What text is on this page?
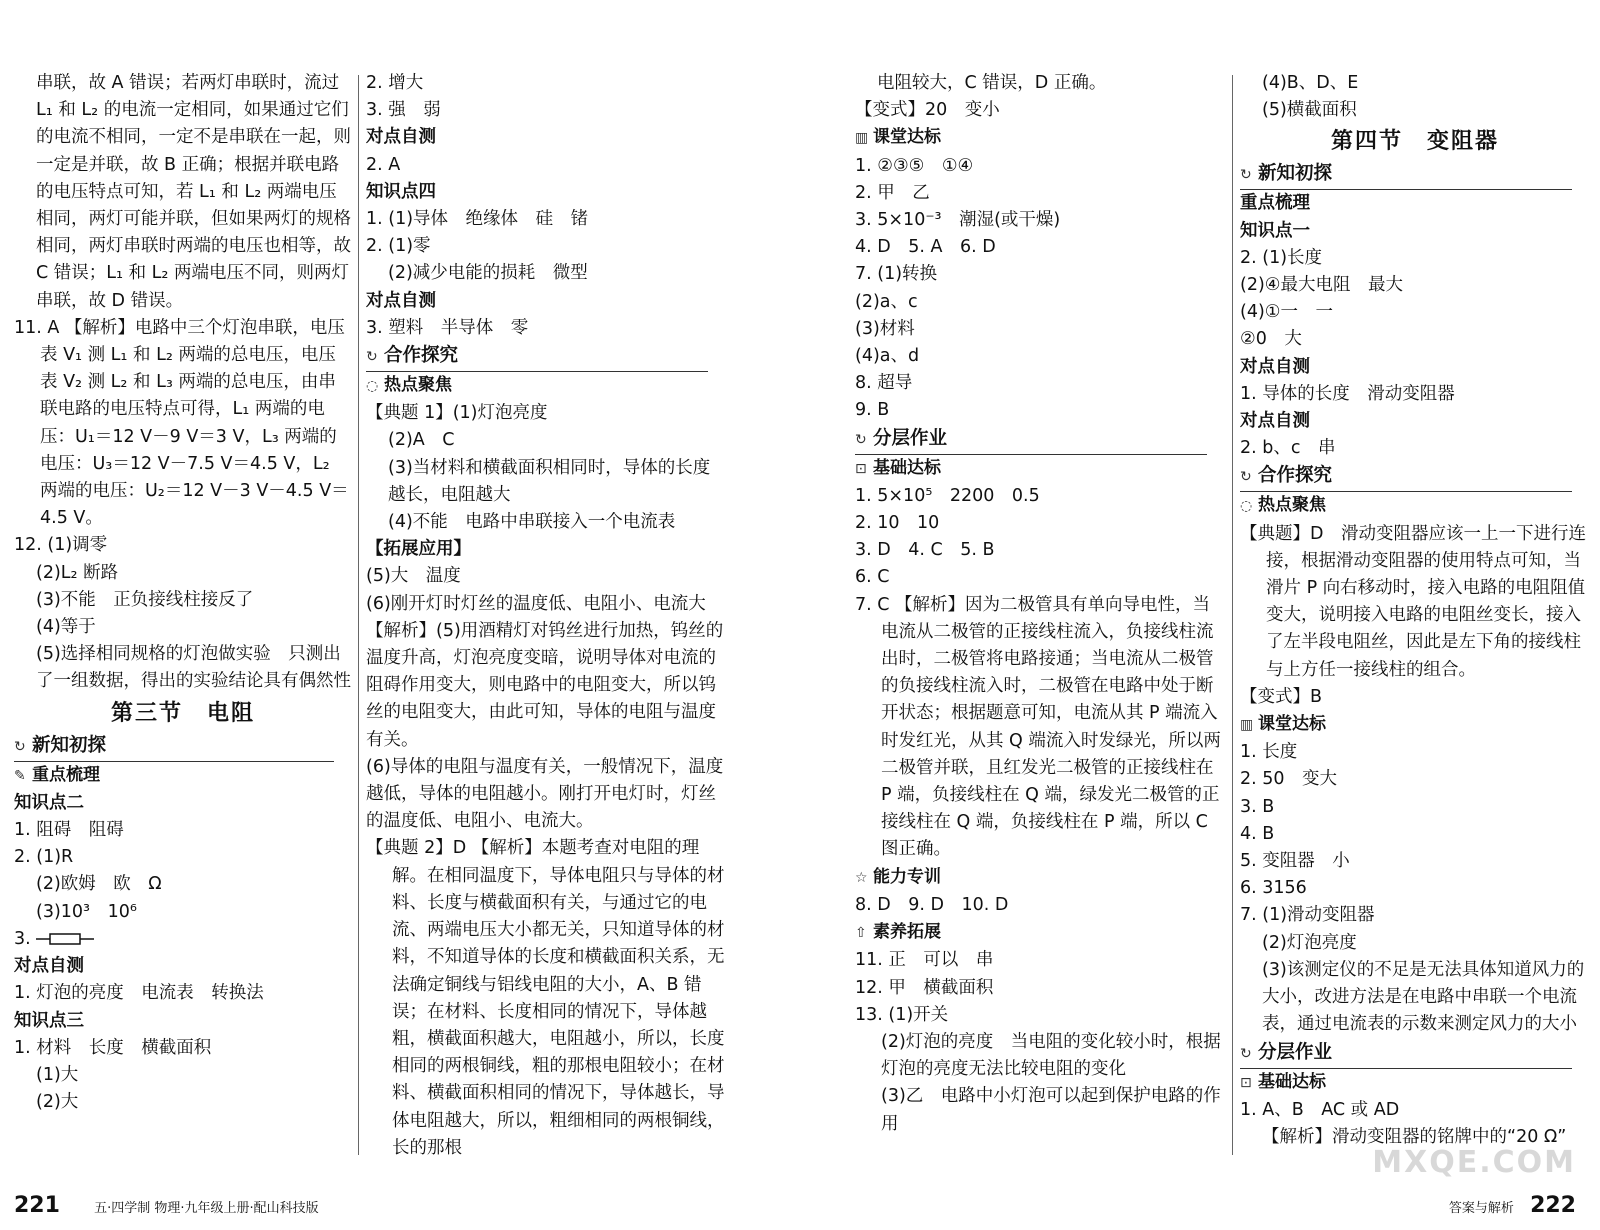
串联，故 A 错误；若两灯串联时，流过 L₁ 和 L₂ 的电流一定相同，如果通过它们的电流不相同，一定不是串联在一起，则一定是并联，故 B 正确；根据并联电路的电压特点可知，若 L₁ 和 L₂ 两端电压相同，两灯可能并联，但如果两灯的规格相同，两灯串联时两端的电压也相等，故 C 错误；L₁ 和 L₂ 两端电压不同，则两灯串联，故 D 错误。
11. A 【解析】电路中三个灯泡串联，电压表 V₁ 测 L₁ 和 L₂ 两端的总电压，电压表 V₂ 测 L₂ 和 L₃ 两端的总电压，由串联电路的电压特点可得，L₁ 两端的电压：U₁＝12 V－9 V＝3 V，L₃ 两端的电压：U₃＝12 V－7.5 V＝4.5 V，L₂ 两端的电压：U₂＝12 V－3 V－4.5 V＝4.5 V。
12. (1)调零
(2)L₂ 断路
(3)不能　正负接线柱接反了
(4)等于
(5)选择相同规格的灯泡做实验　只测出了一组数据，得出的实验结论具有偶然性
第三节　电阻
↻ 新知初探
✎ 重点梳理
知识点二
1. 阻碍　阻碍
2. (1)R
(2)欧姆　欧　Ω
(3)10³　10⁶
3.
对点自测
1. 灯泡的亮度　电流表　转换法
知识点三
1. 材料　长度　横截面积
(1)大
(2)大
2. 增大
3. 强　弱
对点自测
2. A
知识点四
1. (1)导体　绝缘体　硅　锗
2. (1)零
(2)减少电能的损耗　微型
对点自测
3. 塑料　半导体　零
↻ 合作探究
◌ 热点聚焦
【典题 1】(1)灯泡亮度
(2)A　C
(3)当材料和横截面积相同时，导体的长度越长，电阻越大
(4)不能　电路中串联接入一个电流表
【拓展应用】
(5)大　温度
(6)刚开灯时灯丝的温度低、电阻小、电流大
【解析】(5)用酒精灯对钨丝进行加热，钨丝的温度升高，灯泡亮度变暗，说明导体对电流的阻碍作用变大，则电路中的电阻变大，所以钨丝的电阻变大，由此可知，导体的电阻与温度有关。
(6)导体的电阻与温度有关，一般情况下，温度越低，导体的电阻越小。刚打开电灯时，灯丝的温度低、电阻小、电流大。
【典题 2】D 【解析】本题考查对电阻的理解。在相同温度下，导体电阻只与导体的材料、长度与横截面积有关，与通过它的电流、两端电压大小都无关，只知道导体的材料，不知道导体的长度和横截面积关系，无法确定铜线与铝线电阻的大小，A、B 错误；在材料、长度相同的情况下，导体越粗，横截面积越大，电阻越小，所以，长度相同的两根铜线，粗的那根电阻较小；在材料、横截面积相同的情况下，导体越长，导体电阻越大，所以，粗细相同的两根铜线，长的那根
电阻较大，C 错误，D 正确。
【变式】20　变小
▥ 课堂达标
1. ②③⑤　①④
2. 甲　乙
3. 5×10⁻³　潮湿(或干燥)
4. D　5. A　6. D
7. (1)转换
(2)a、c
(3)材料
(4)a、d
8. 超导
9. B
↻ 分层作业
⊡ 基础达标
1. 5×10⁵　2200　0.5
2. 10　10
3. D　4. C　5. B
6. C
7. C 【解析】因为二极管具有单向导电性，当电流从二极管的正接线柱流入，负接线柱流出时，二极管将电路接通；当电流从二极管的负接线柱流入时，二极管在电路中处于断开状态；根据题意可知，电流从其 P 端流入时发红光，从其 Q 端流入时发绿光，所以两二极管并联，且红发光二极管的正接线柱在 P 端，负接线柱在 Q 端，绿发光二极管的正接线柱在 Q 端，负接线柱在 P 端，所以 C 图正确。
☆ 能力专训
8. D　9. D　10. D
⇧ 素养拓展
11. 正　可以　串
12. 甲　横截面积
13. (1)开关
(2)灯泡的亮度　当电阻的变化较小时，根据灯泡的亮度无法比较电阻的变化
(3)乙　电路中小灯泡可以起到保护电路的作用
(4)B、D、E
(5)横截面积
第四节　变阻器
↻ 新知初探
重点梳理
知识点一
2. (1)长度
(2)④最大电阻　最大
(4)①一　一
②0　大
对点自测
1. 导体的长度　滑动变阻器
对点自测
2. b、c　串
↻ 合作探究
◌ 热点聚焦
【典题】D　滑动变阻器应该一上一下进行连接，根据滑动变阻器的使用特点可知，当滑片 P 向右移动时，接入电路的电阻阻值变大，说明接入电路的电阻丝变长，接入了左半段电阻丝，因此是左下角的接线柱与上方任一接线柱的组合。
【变式】B
▥ 课堂达标
1. 长度
2. 50　变大
3. B
4. B
5. 变阻器　小
6. 3156
7. (1)滑动变阻器
(2)灯泡亮度
(3)该测定仪的不足是无法具体知道风力的大小，改进方法是在电路中串联一个电流表，通过电流表的示数来测定风力的大小
↻ 分层作业
⊡ 基础达标
1. A、B　AC 或 AD
【解析】滑动变阻器的铭牌中的“20 Ω”
221	五·四学制 物理·九年级上册·配山科技版	答案与解析 222
MXQE.COM
